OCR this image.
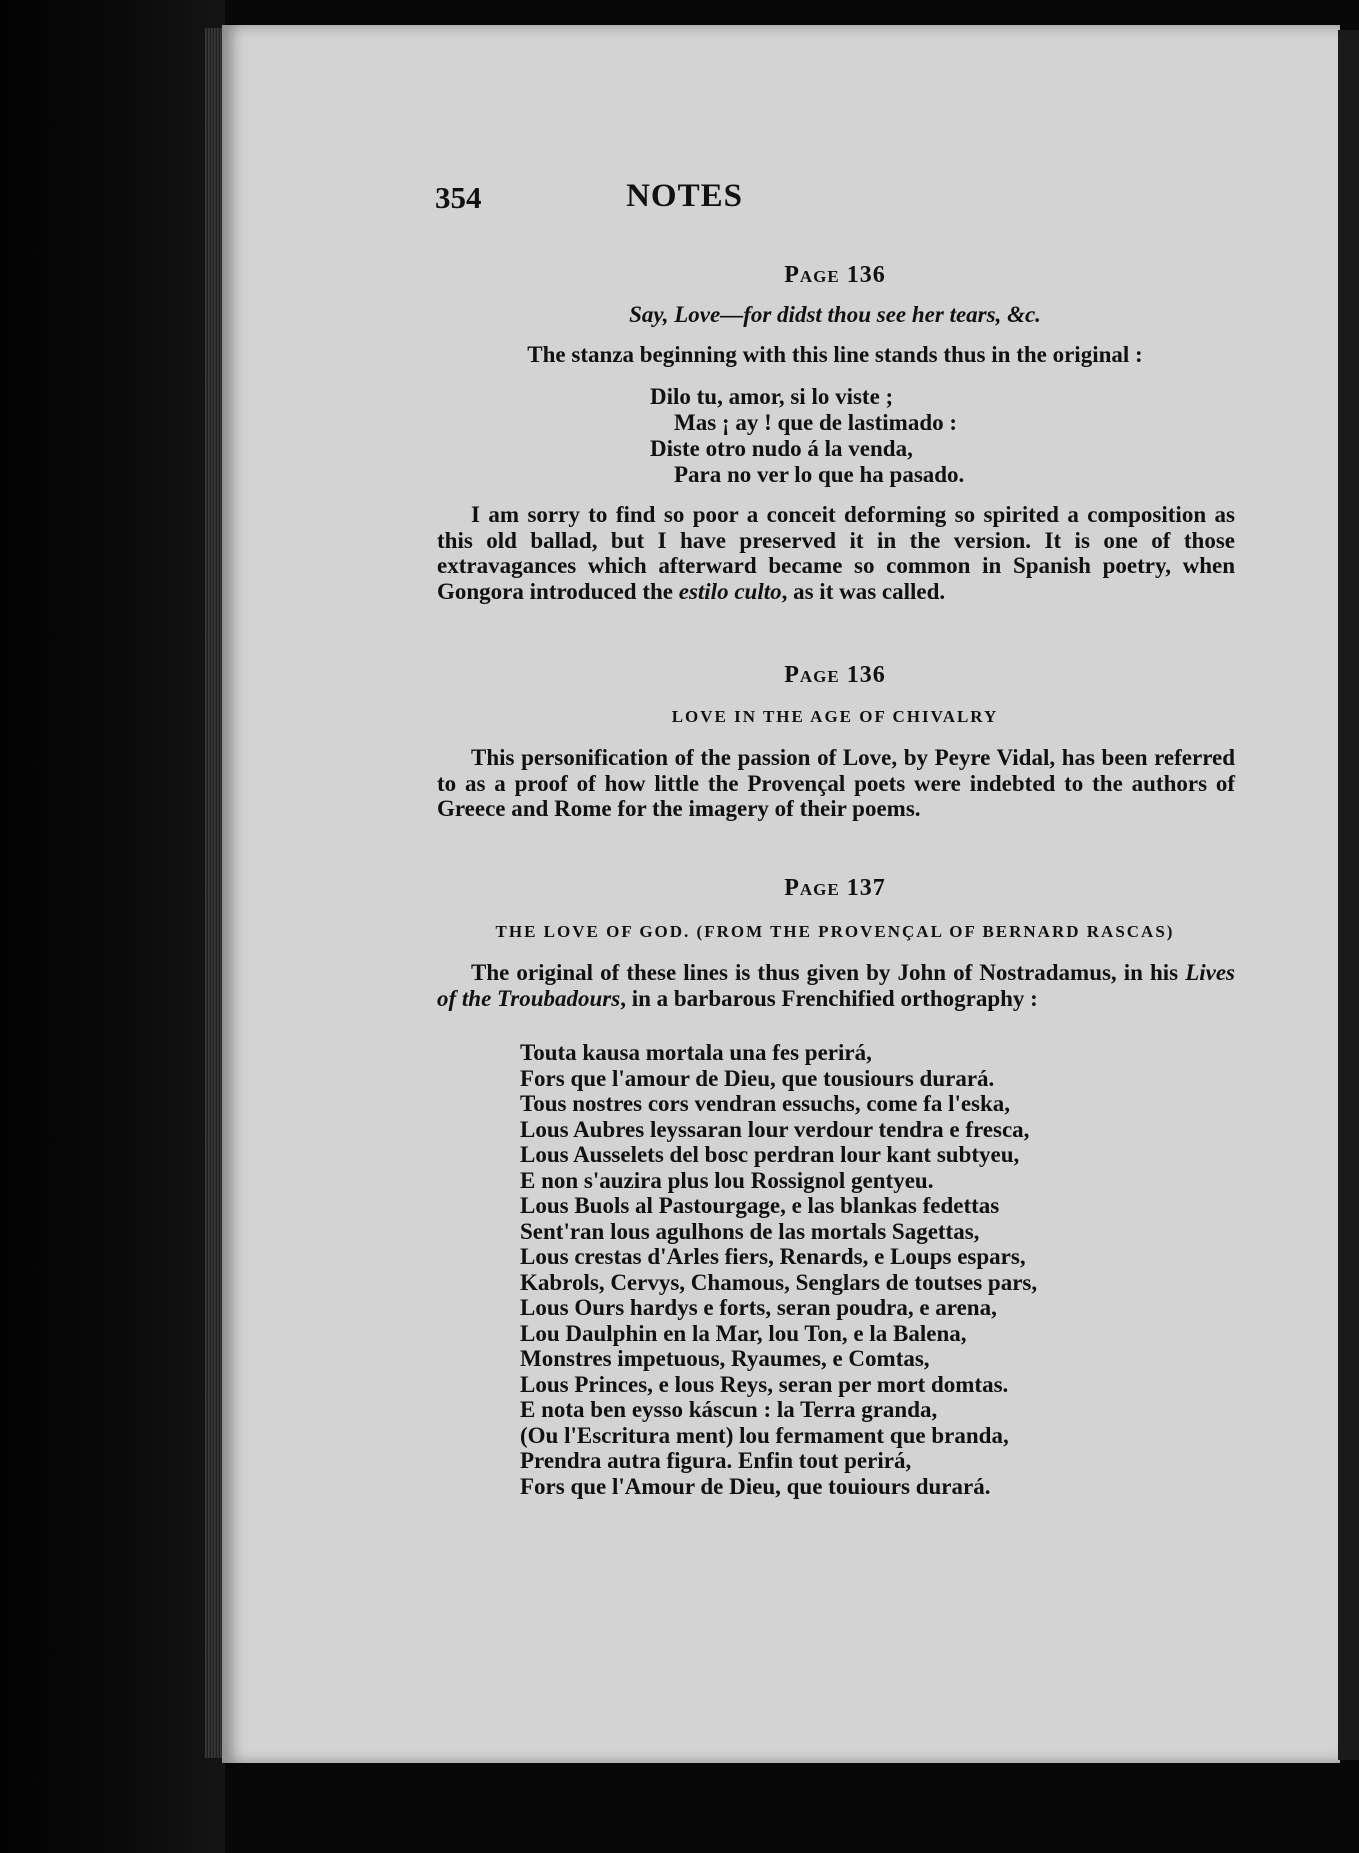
354	NOTES
Page 136
Say, Love—for didst thou see her tears, &c.
The stanza beginning with this line stands thus in the original :
Dilo tu, amor, si lo viste ;
Mas ¡ ay ! que de lastimado :
Diste otro nudo á la venda,
Para no ver lo que ha pasado.
I am sorry to find so poor a conceit deforming so spirited a composition as this old ballad, but I have preserved it in the version. It is one of those extravagances which afterward became so common in Spanish poetry, when Gongora introduced the estilo culto, as it was called.
Page 136
LOVE IN THE AGE OF CHIVALRY
This personification of the passion of Love, by Peyre Vidal, has been referred to as a proof of how little the Provençal poets were indebted to the authors of Greece and Rome for the imagery of their poems.
Page 137
THE LOVE OF GOD. (FROM THE PROVENÇAL OF BERNARD RASCAS)
The original of these lines is thus given by John of Nostradamus, in his Lives of the Troubadours, in a barbarous Frenchified orthography :
Touta kausa mortala una fes perirá,
Fors que l'amour de Dieu, que tousiours durará.
Tous nostres cors vendran essuchs, come fa l'eska,
Lous Aubres leyssaran lour verdour tendra e fresca,
Lous Ausselets del bosc perdran lour kant subtyeu,
E non s'auzira plus lou Rossignol gentyeu.
Lous Buols al Pastourgage, e las blankas fedettas
Sent'ran lous agulhons de las mortals Sagettas,
Lous crestas d'Arles fiers, Renards, e Loups espars,
Kabrols, Cervys, Chamous, Senglars de toutses pars,
Lous Ours hardys e forts, seran poudra, e arena,
Lou Daulphin en la Mar, lou Ton, e la Balena,
Monstres impetuous, Ryaumes, e Comtas,
Lous Princes, e lous Reys, seran per mort domtas.
E nota ben eysso káscun : la Terra granda,
(Ou l'Escritura ment) lou fermament que branda,
Prendra autra figura. Enfin tout perirá,
Fors que l'Amour de Dieu, que touiours durará.
